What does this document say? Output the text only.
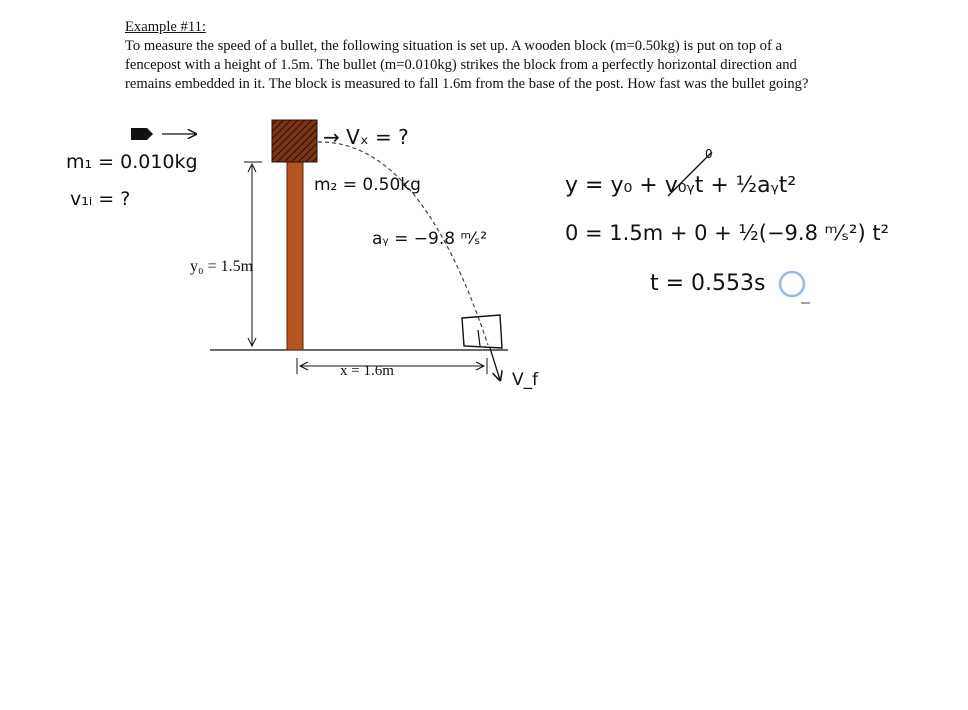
Example #11:
To measure the speed of a bullet, the following situation is set up. A wooden block (m=0.50kg) is put on top of a fencepost with a height of 1.5m. The bullet (m=0.010kg) strikes the block from a perfectly horizontal direction and remains embedded in it. The block is measured to fall 1.6m from the base of the post. How fast was the bullet going?
m₁ = 0.010kg
v₁ᵢ = ?
→ Vₓ = ?
m₂ = 0.50kg
aᵧ = −9.8 ᵐ⁄ₛ²
y₀ = 1.5m
x = 1.6m	V_f
0
y = y₀ + v₀ᵧt + ½aᵧt²
0 = 1.5m + 0 + ½(−9.8 ᵐ⁄ₛ²) t²
t = 0.553s
